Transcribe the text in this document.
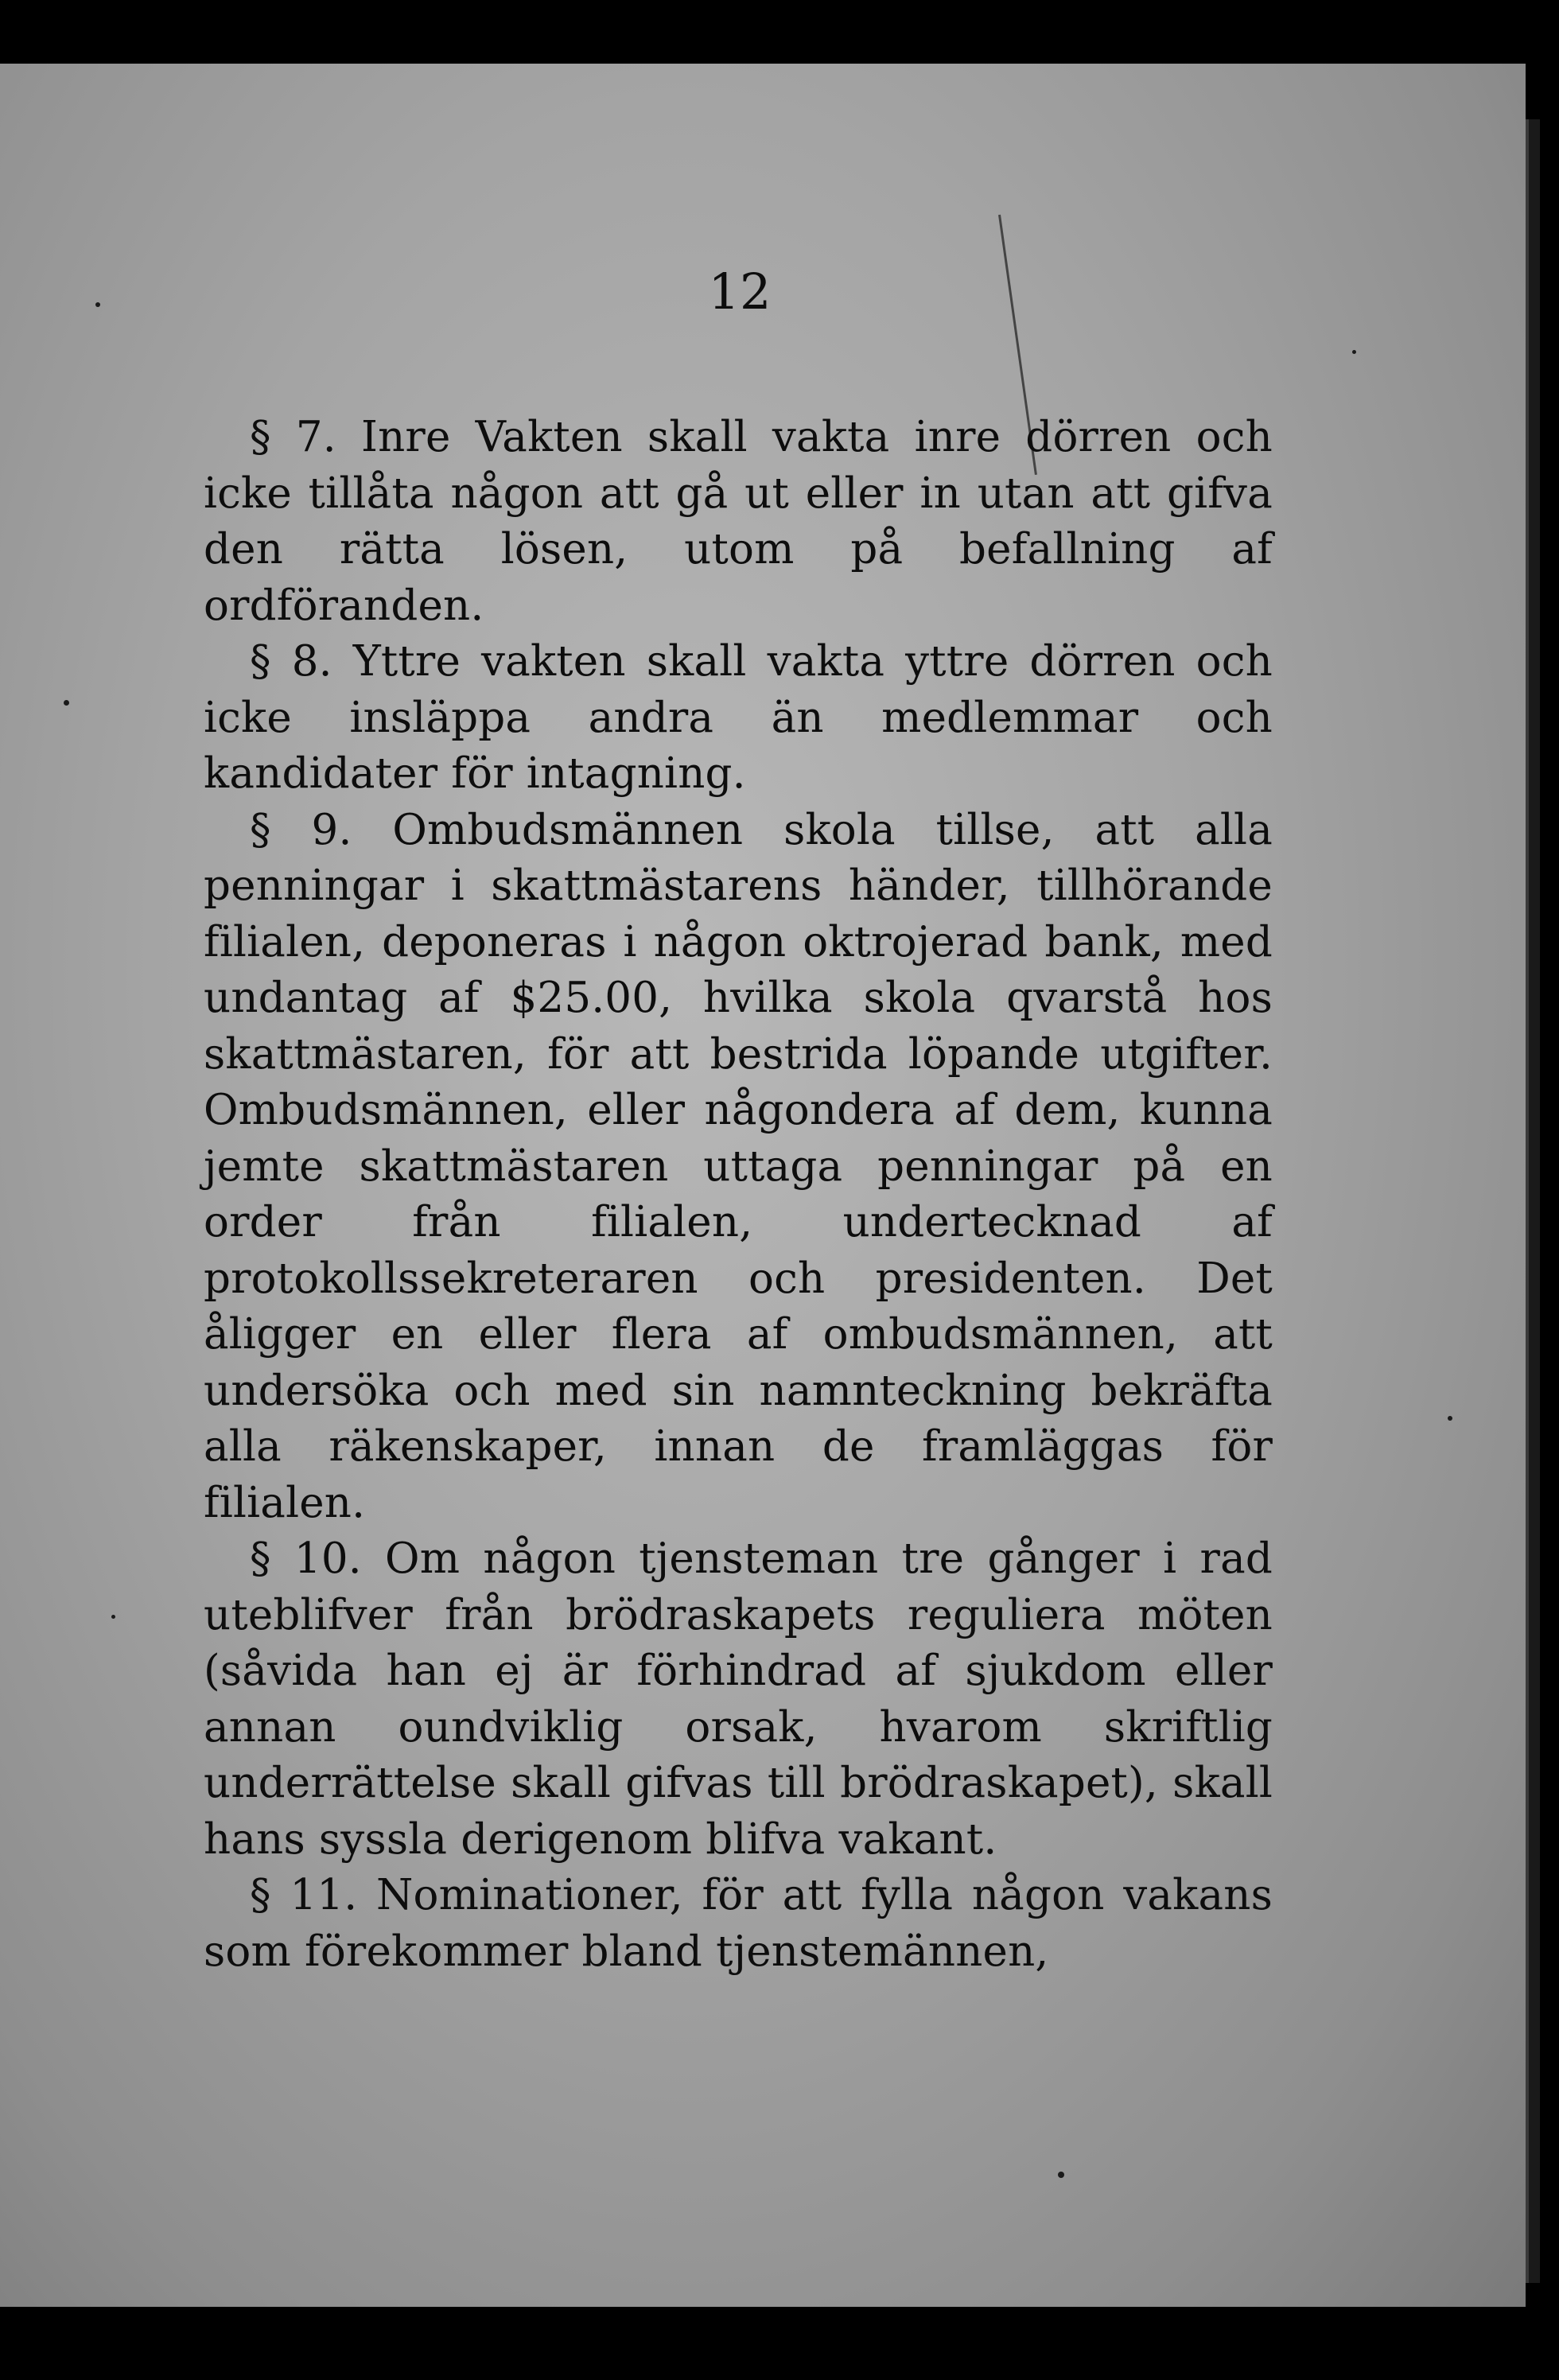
12

§ 7. Inre Vakten skall vakta inre dörren och icke tillåta någon att gå ut eller in utan att gifva den rätta lösen, utom på befallning af ordföranden.

§ 8. Yttre vakten skall vakta yttre dörren och icke insläppa andra än medlemmar och kandidater för intagning.

§ 9. Ombudsmännen skola tillse, att alla penningar i skattmästarens händer, tillhörande filialen, deponeras i någon oktrojerad bank, med undantag af $25.00, hvilka skola qvarstå hos skattmästaren, för att bestrida löpande utgifter. Ombudsmännen, eller någondera af dem, kunna jemte skattmästaren uttaga penningar på en order från filialen, undertecknad af protokollssekreteraren och presidenten. Det åligger en eller flera af ombudsmännen, att undersöka och med sin namnteckning bekräfta alla räkenskaper, innan de framläggas för filialen.

§ 10. Om någon tjensteman tre gånger i rad uteblifver från brödraskapets reguliera möten (såvida han ej är förhindrad af sjukdom eller annan oundviklig orsak, hvarom skriftlig underrättelse skall gifvas till brödraskapet), skall hans syssla derigenom blifva vakant.

§ 11. Nominationer, för att fylla någon vakans som förekommer bland tjenstemännen,
